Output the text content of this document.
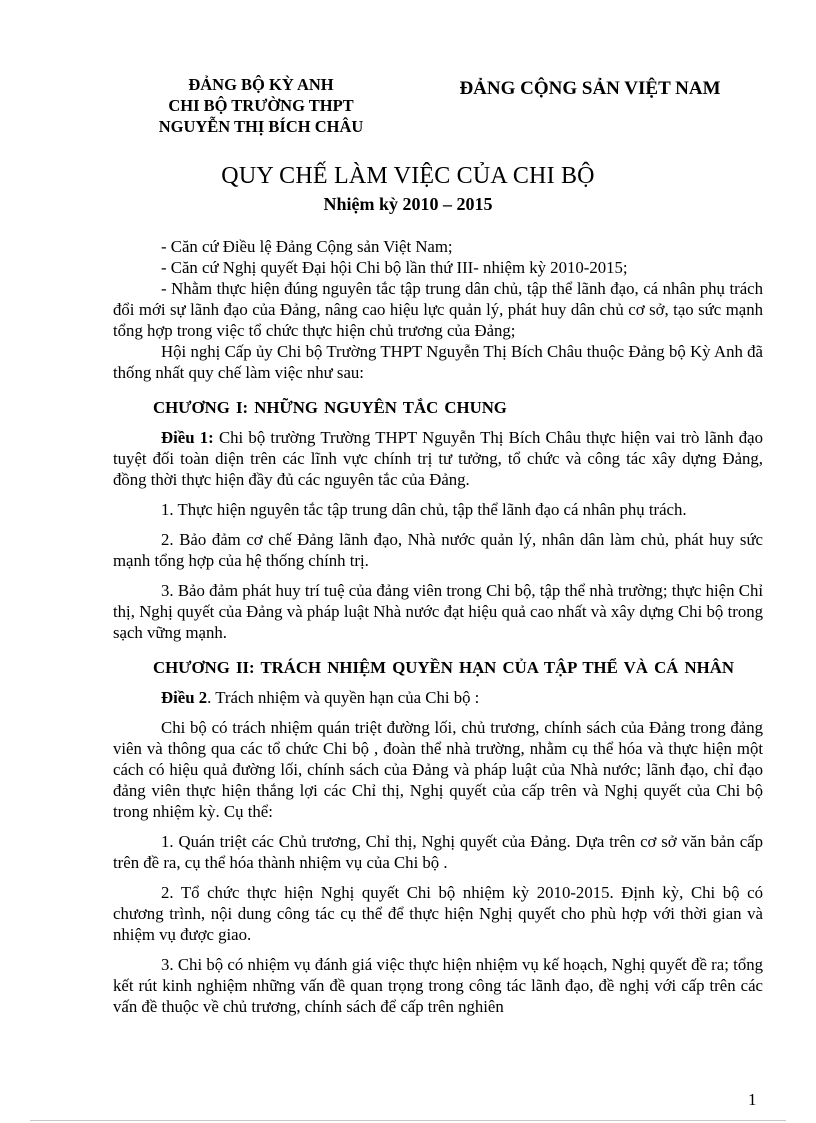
ĐẢNG BỘ KỲ ANH
CHI BỘ TRƯỜNG THPT
NGUYỄN THỊ BÍCH CHÂU
ĐẢNG CỘNG SẢN VIỆT NAM
QUY CHẾ LÀM VIỆC CỦA CHI BỘ
Nhiệm kỳ 2010 – 2015

- Căn cứ Điều lệ Đảng Cộng sản Việt Nam;

- Căn cứ Nghị quyết Đại hội Chi bộ lần thứ III- nhiệm kỳ 2010-2015;

- Nhằm thực hiện đúng nguyên tắc tập trung dân chủ, tập thể lãnh đạo, cá nhân phụ trách đổi mới sự lãnh đạo của Đảng, nâng cao hiệu lực quản lý, phát huy dân chủ cơ sở, tạo sức mạnh tổng hợp trong việc tổ chức thực hiện chủ trương của Đảng;

Hội nghị Cấp ủy Chi bộ Trường THPT Nguyễn Thị Bích Châu thuộc Đảng bộ Kỳ Anh đã thống nhất quy chế làm việc như sau:

CHƯƠNG I: NHỮNG NGUYÊN TẮC CHUNG

Điều 1: Chi bộ trường Trường THPT Nguyễn Thị Bích Châu thực hiện vai trò lãnh đạo tuyệt đối toàn diện trên các lĩnh vực chính trị tư tưởng, tổ chức và công tác xây dựng Đảng, đồng thời thực hiện đầy đủ các nguyên tắc của Đảng.

1. Thực hiện nguyên tắc tập trung dân chủ, tập thể lãnh đạo cá nhân phụ trách.

2. Bảo đảm cơ chế Đảng lãnh đạo, Nhà nước quản lý, nhân dân làm chủ, phát huy sức mạnh tổng hợp của hệ thống chính trị.

3. Bảo đảm phát huy trí tuệ của đảng viên trong Chi bộ, tập thể nhà trường; thực hiện Chỉ thị, Nghị quyết của Đảng và pháp luật Nhà nước đạt hiệu quả cao nhất và xây dựng Chi bộ trong sạch vững mạnh.

CHƯƠNG II: TRÁCH NHIỆM QUYỀN HẠN CỦA TẬP THỂ VÀ CÁ NHÂN

Điều 2. Trách nhiệm và quyền hạn của Chi bộ :

Chi bộ có trách nhiệm quán triệt đường lối, chủ trương, chính sách của Đảng trong đảng viên và thông qua các tổ chức Chi bộ , đoàn thể nhà trường, nhằm cụ thể hóa và thực hiện một cách có hiệu quả đường lối, chính sách của Đảng và pháp luật của Nhà nước; lãnh đạo, chỉ đạo đảng viên thực hiện thắng lợi các Chỉ thị, Nghị quyết của cấp trên và Nghị quyết của Chi bộ trong nhiệm kỳ. Cụ thể:

1. Quán triệt các Chủ trương, Chỉ thị, Nghị quyết của Đảng. Dựa trên cơ sở văn bản cấp trên đề ra, cụ thể hóa thành nhiệm vụ của Chi bộ .

2. Tổ chức thực hiện Nghị quyết Chi bộ nhiệm kỳ 2010-2015. Định kỳ, Chi bộ có chương trình, nội dung công tác cụ thể để thực hiện Nghị quyết cho phù hợp với thời gian và nhiệm vụ được giao.

3. Chi bộ có nhiệm vụ đánh giá việc thực hiện nhiệm vụ kế hoạch, Nghị quyết đề ra; tổng kết rút kinh nghiệm những vấn đề quan trọng trong công tác lãnh đạo, đề nghị với cấp trên các vấn đề thuộc về chủ trương, chính sách để cấp trên nghiên

1
